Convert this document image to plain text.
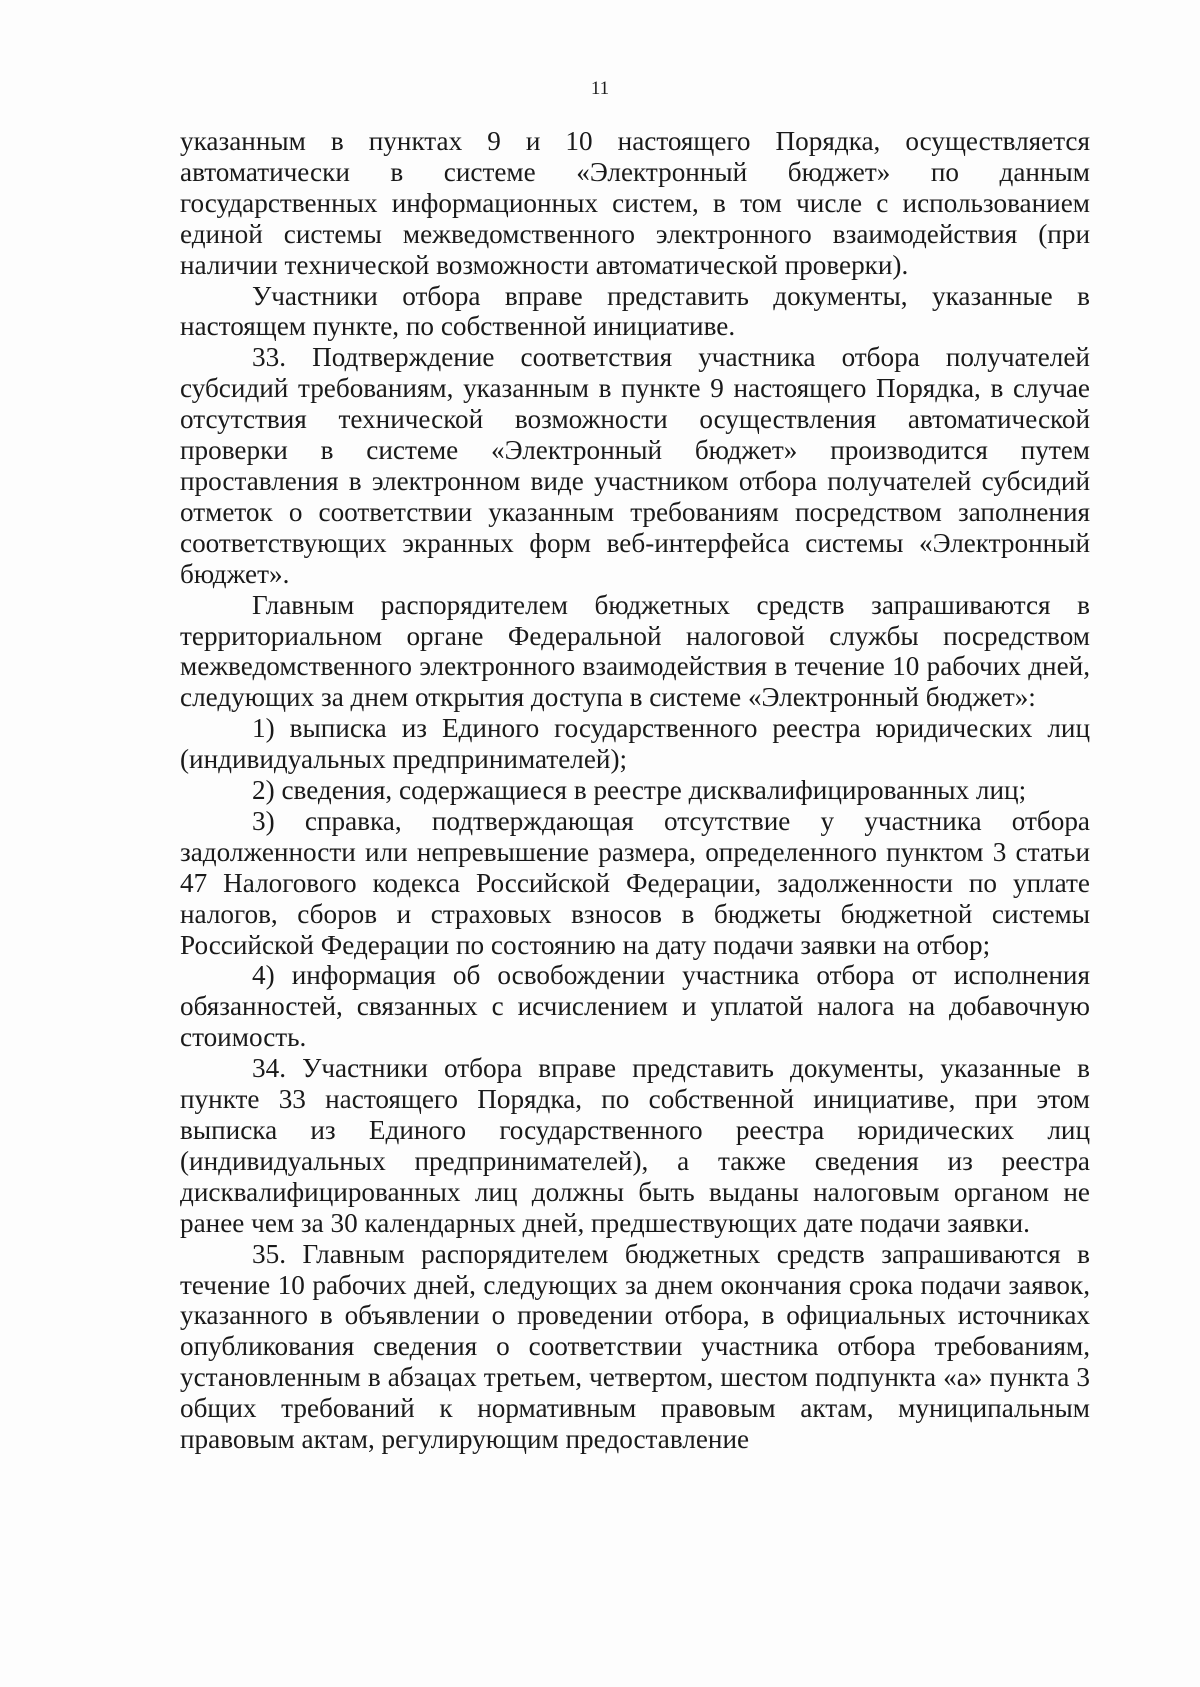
11

указанным в пунктах 9 и 10 настоящего Порядка, осуществляется автоматически в системе «Электронный бюджет» по данным государственных информационных систем, в том числе с использованием единой системы межведомственного электронного взаимодействия (при наличии технической возможности автоматической проверки).

Участники отбора вправе представить документы, указанные в настоящем пункте, по собственной инициативе.

33. Подтверждение соответствия участника отбора получателей субсидий требованиям, указанным в пункте 9 настоящего Порядка, в случае отсутствия технической возможности осуществления автоматической проверки в системе «Электронный бюджет» производится путем проставления в электронном виде участником отбора получателей субсидий отметок о соответствии указанным требованиям посредством заполнения соответствующих экранных форм веб-интерфейса системы «Электронный бюджет».

Главным распорядителем бюджетных средств запрашиваются в территориальном органе Федеральной налоговой службы посредством межведомственного электронного взаимодействия в течение 10 рабочих дней, следующих за днем открытия доступа в системе «Электронный бюджет»:

1) выписка из Единого государственного реестра юридических лиц (индивидуальных предпринимателей);

2) сведения, содержащиеся в реестре дисквалифицированных лиц;

3) справка, подтверждающая отсутствие у участника отбора задолженности или непревышение размера, определенного пунктом 3 статьи 47 Налогового кодекса Российской Федерации, задолженности по уплате налогов, сборов и страховых взносов в бюджеты бюджетной системы Российской Федерации по состоянию на дату подачи заявки на отбор;

4) информация об освобождении участника отбора от исполнения обязанностей, связанных с исчислением и уплатой налога на добавочную стоимость.

34. Участники отбора вправе представить документы, указанные в пункте 33 настоящего Порядка, по собственной инициативе, при этом выписка из Единого государственного реестра юридических лиц (индивидуальных предпринимателей), а также сведения из реестра дисквалифицированных лиц должны быть выданы налоговым органом не ранее чем за 30 календарных дней, предшествующих дате подачи заявки.

35. Главным распорядителем бюджетных средств запрашиваются в течение 10 рабочих дней, следующих за днем окончания срока подачи заявок, указанного в объявлении о проведении отбора, в официальных источниках опубликования сведения о соответствии участника отбора требованиям, установленным в абзацах третьем, четвертом, шестом подпункта «а» пункта 3 общих требований к нормативным правовым актам, муниципальным правовым актам, регулирующим предоставление
